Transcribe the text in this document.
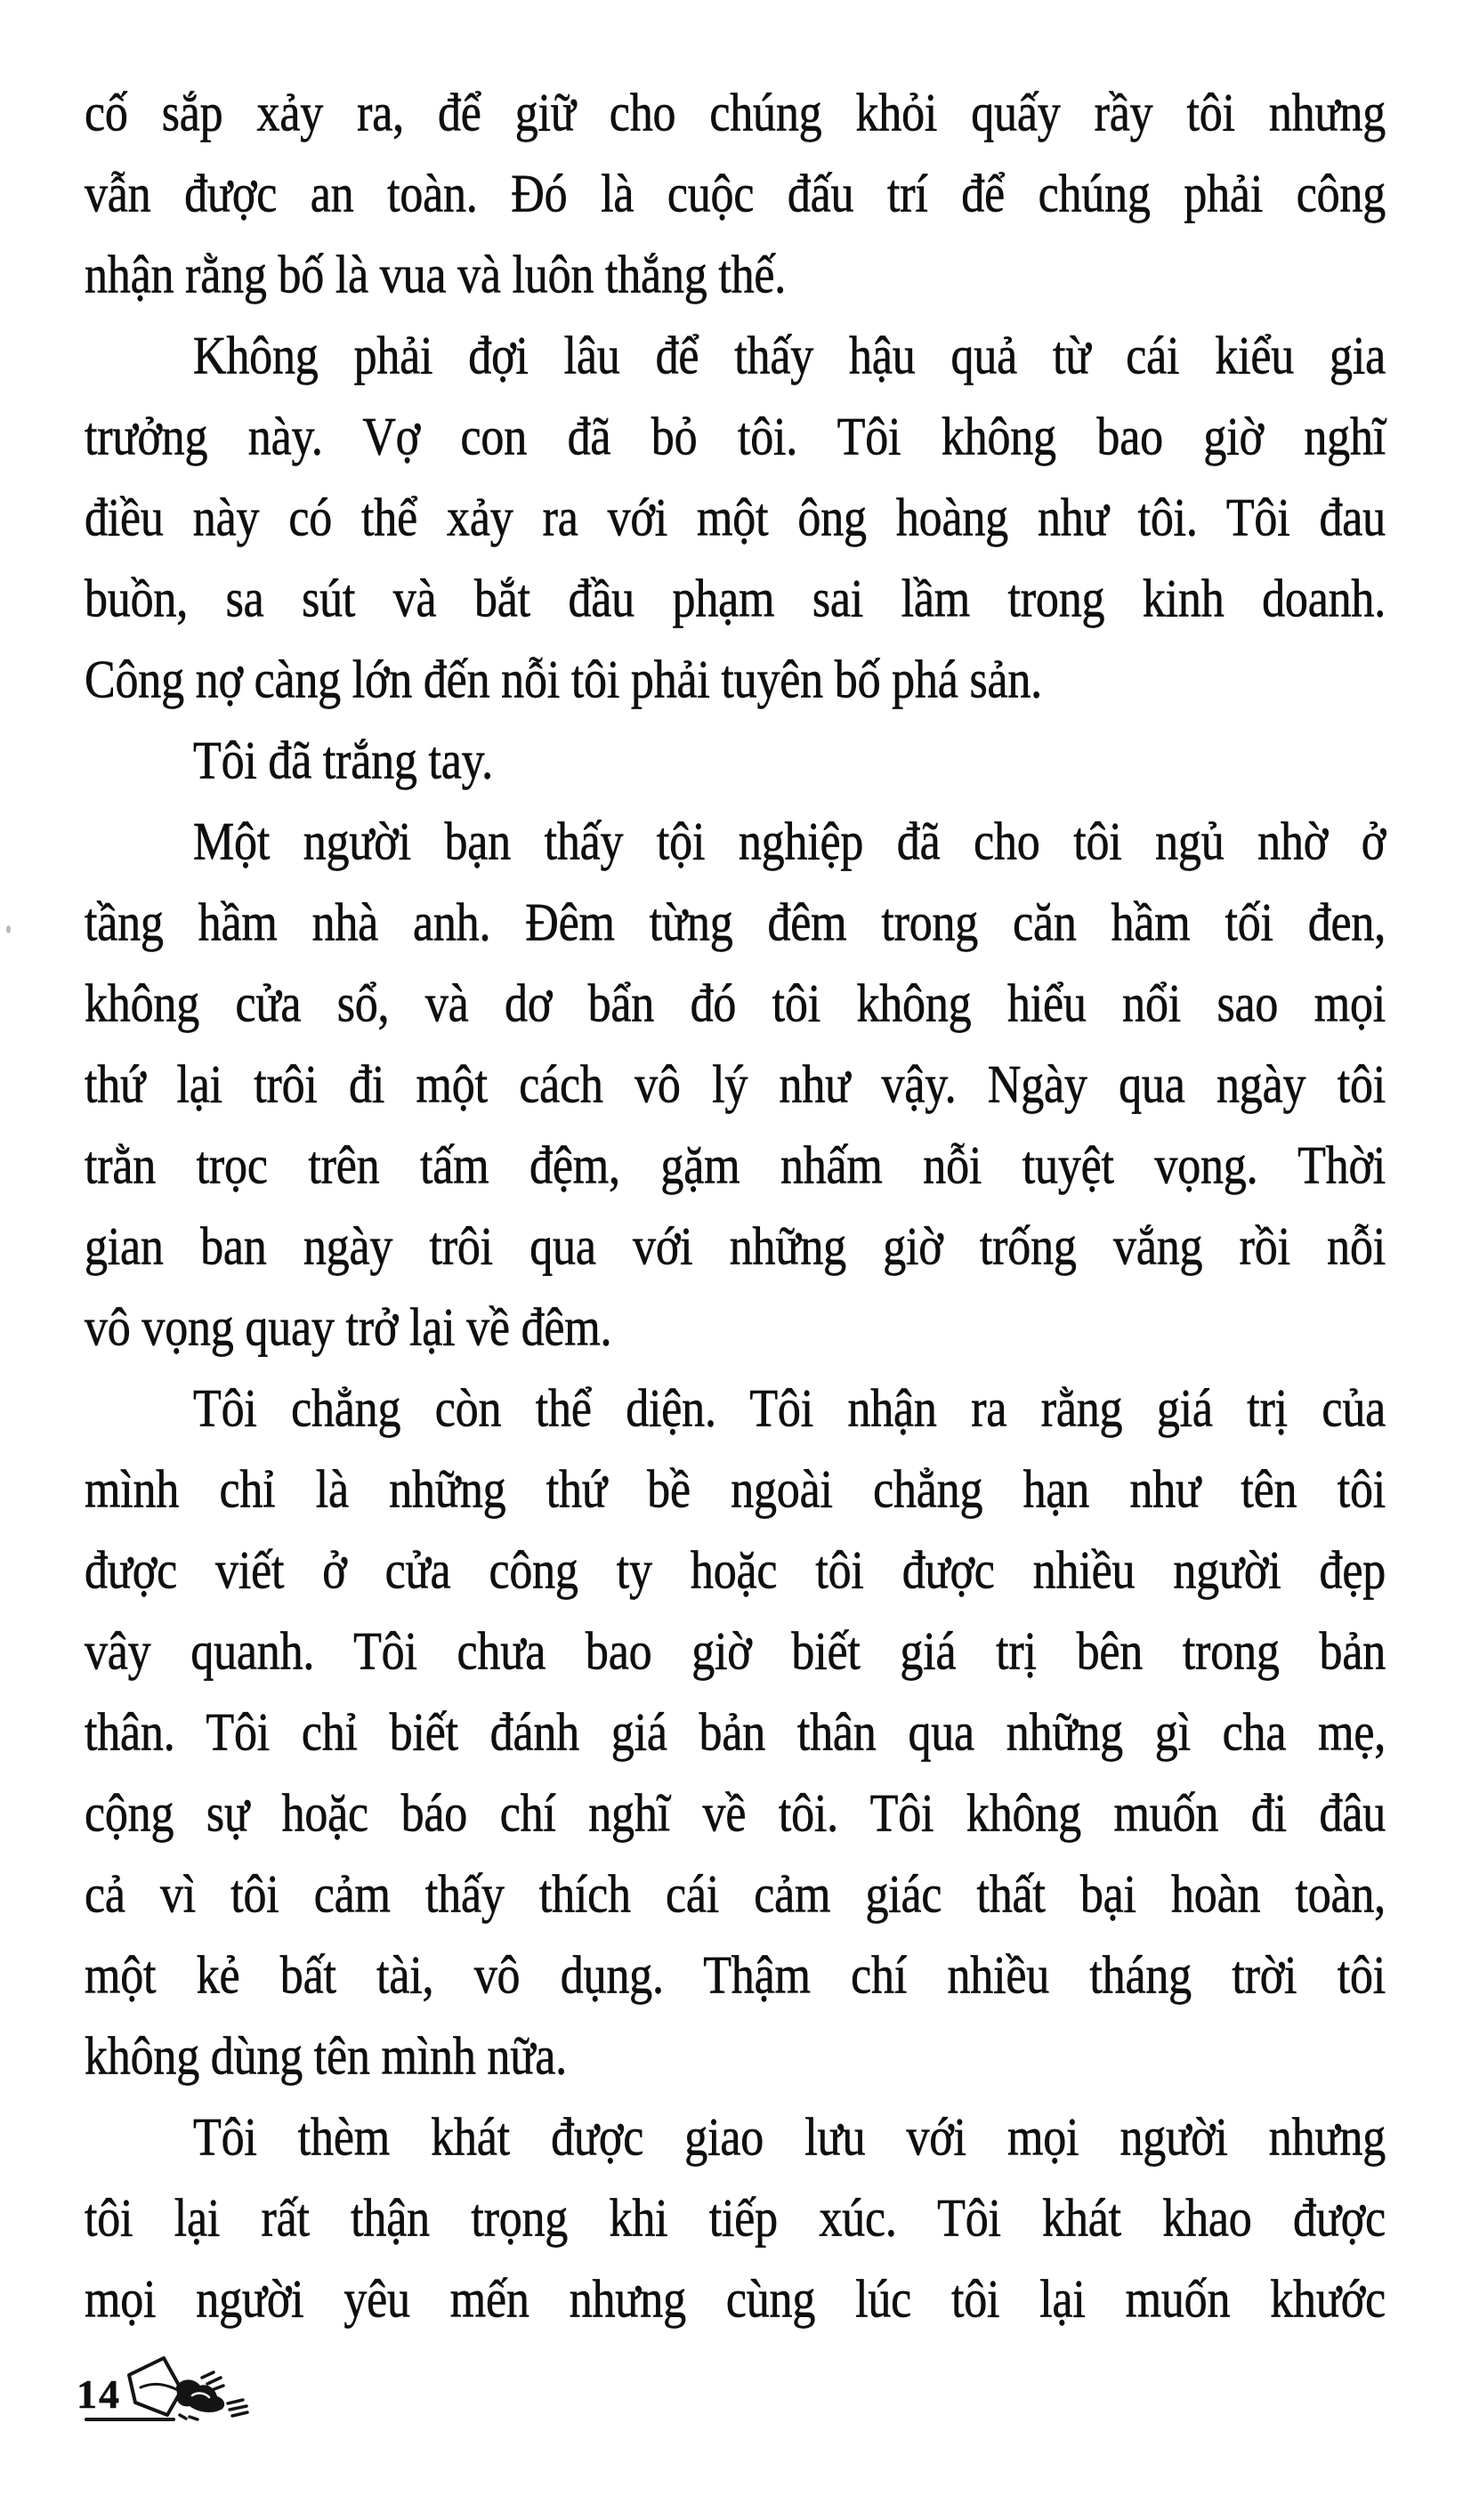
cố sắp xảy ra, để giữ cho chúng khỏi quấy rầy tôi nhưng
vẫn được an toàn. Đó là cuộc đấu trí để chúng phải công
nhận rằng bố là vua và luôn thắng thế.
Không phải đợi lâu để thấy hậu quả từ cái kiểu gia
trưởng này. Vợ con đã bỏ tôi. Tôi không bao giờ nghĩ
điều này có thể xảy ra với một ông hoàng như tôi. Tôi đau
buồn, sa sút và bắt đầu phạm sai lầm trong kinh doanh.
Công nợ càng lớn đến nỗi tôi phải tuyên bố phá sản.
Tôi đã trắng tay.
Một người bạn thấy tội nghiệp đã cho tôi ngủ nhờ ở
tầng hầm nhà anh. Đêm từng đêm trong căn hầm tối đen,
không cửa sổ, và dơ bẩn đó tôi không hiểu nổi sao mọi
thứ lại trôi đi một cách vô lý như vậy. Ngày qua ngày tôi
trằn trọc trên tấm đệm, gặm nhấm nỗi tuyệt vọng. Thời
gian ban ngày trôi qua với những giờ trống vắng rồi nỗi
vô vọng quay trở lại về đêm.
Tôi chẳng còn thể diện. Tôi nhận ra rằng giá trị của
mình chỉ là những thứ bề ngoài chẳng hạn như tên tôi
được viết ở cửa công ty hoặc tôi được nhiều người đẹp
vây quanh. Tôi chưa bao giờ biết giá trị bên trong bản
thân. Tôi chỉ biết đánh giá bản thân qua những gì cha mẹ,
cộng sự hoặc báo chí nghĩ về tôi. Tôi không muốn đi đâu
cả vì tôi cảm thấy thích cái cảm giác thất bại hoàn toàn,
một kẻ bất tài, vô dụng. Thậm chí nhiều tháng trời tôi
không dùng tên mình nữa.
Tôi thèm khát được giao lưu với mọi người nhưng
tôi lại rất thận trọng khi tiếp xúc. Tôi khát khao được
mọi người yêu mến nhưng cùng lúc tôi lại muốn khước
14
